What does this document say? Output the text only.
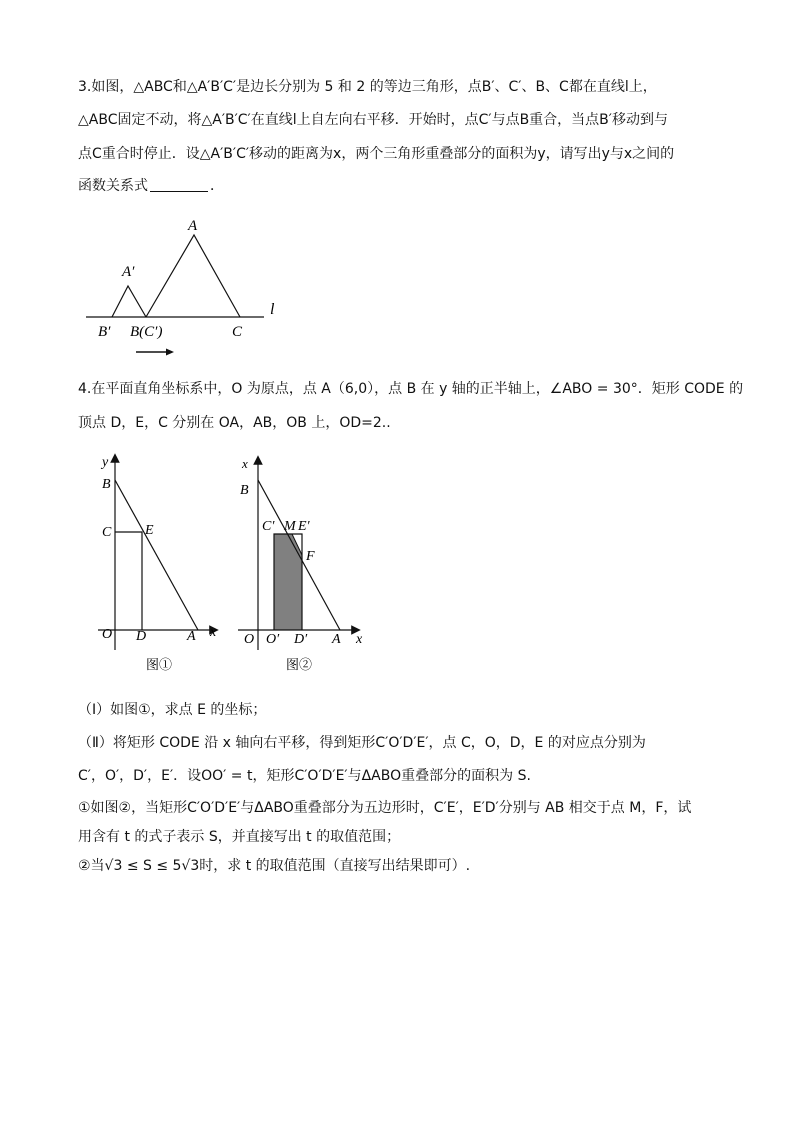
3.如图，△ABC和△A′B′C′是边长分别为 5 和 2 的等边三角形，点B′、C′、B、C都在直线l上，
△ABC固定不动，将△A′B′C′在直线l上自左向右平移．开始时，点C′与点B重合，当点B′移动到与
点C重合时停止．设△A′B′C′移动的距离为x，两个三角形重叠部分的面积为y，请写出y与x之间的
函数关系式	．
A
A′
B′ B(C′)	C
l
4.在平面直角坐标系中，O 为原点，点 A（6,0），点 B 在 y 轴的正半轴上，∠ABO = 30°．矩形 CODE 的
顶点 D，E，C 分别在 OA，AB，OB 上，OD=2..
y
x
B
C E
O D	A
图①
x
x
B
C′ M E′
F
O O′ D′ A
图②
（Ⅰ）如图①，求点 E 的坐标；
（Ⅱ）将矩形 CODE 沿 x 轴向右平移，得到矩形C′O′D′E′，点 C，O，D，E 的对应点分别为
C′，O′，D′，E′．设OO′ = t，矩形C′O′D′E′与ΔABO重叠部分的面积为 S.
①如图②，当矩形C′O′D′E′与ΔABO重叠部分为五边形时，C′E′，E′D′分别与 AB 相交于点 M，F，试
用含有 t 的式子表示 S，并直接写出 t 的取值范围；
②当√3 ≤ S ≤ 5√3时，求 t 的取值范围（直接写出结果即可）.
